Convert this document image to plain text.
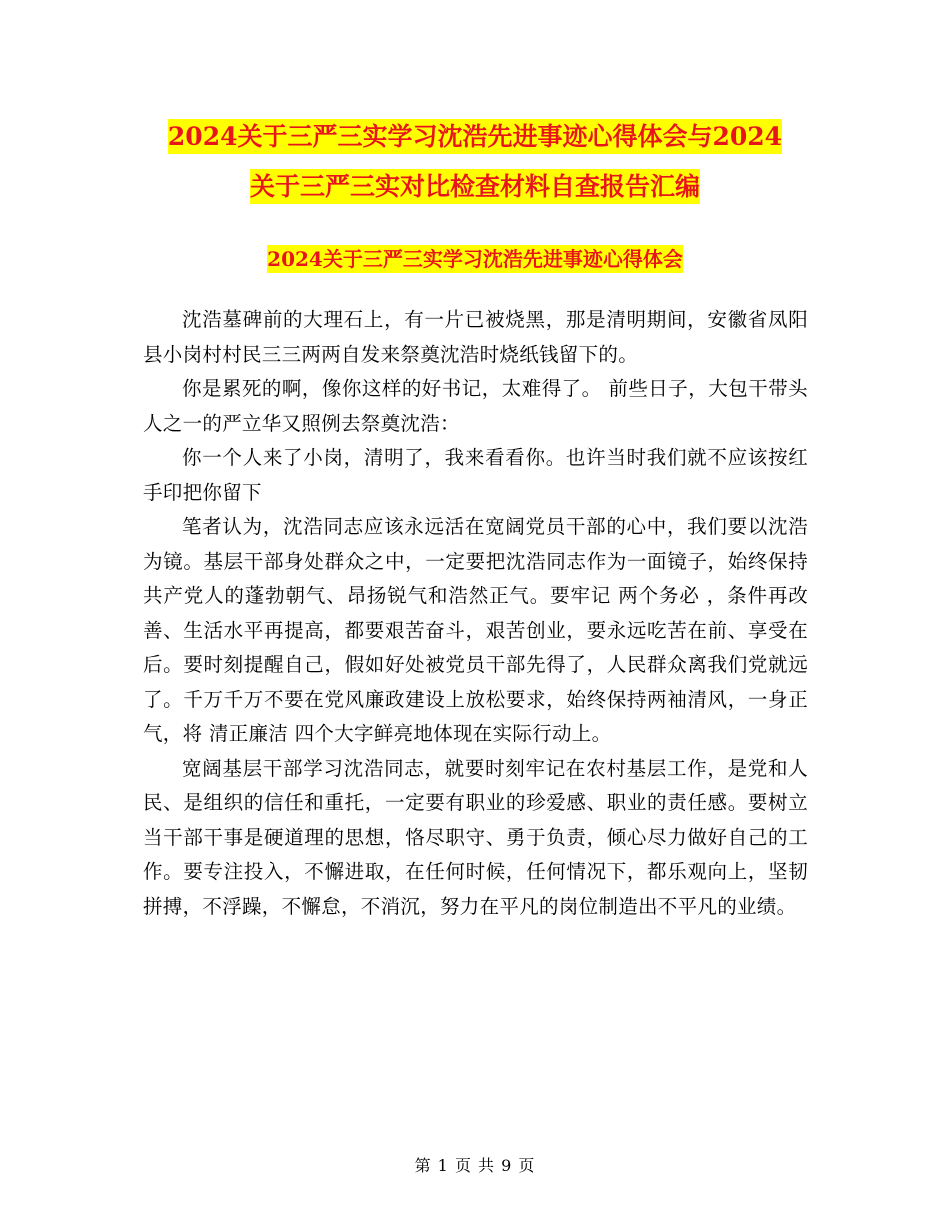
2024关于三严三实学习沈浩先进事迹心得体会与2024
关于三严三实对比检查材料自查报告汇编
2024关于三严三实学习沈浩先进事迹心得体会

沈浩墓碑前的大理石上，有一片已被烧黑，那是清明期间，安徽省凤阳县小岗村村民三三两两自发来祭奠沈浩时烧纸钱留下的。

你是累死的啊，像你这样的好书记，太难得了。 前些日子，大包干带头人之一的严立华又照例去祭奠沈浩：

你一个人来了小岗，清明了，我来看看你。也许当时我们就不应该按红手印把你留下

笔者认为，沈浩同志应该永远活在宽阔党员干部的心中，我们要以沈浩为镜。基层干部身处群众之中，一定要把沈浩同志作为一面镜子，始终保持共产党人的蓬勃朝气、昂扬锐气和浩然正气。要牢记 两个务必 ，条件再改善、生活水平再提高，都要艰苦奋斗，艰苦创业，要永远吃苦在前、享受在后。要时刻提醒自己，假如好处被党员干部先得了，人民群众离我们党就远了。千万千万不要在党风廉政建设上放松要求，始终保持两袖清风，一身正气，将 清正廉洁 四个大字鲜亮地体现在实际行动上。

宽阔基层干部学习沈浩同志，就要时刻牢记在农村基层工作，是党和人民、是组织的信任和重托，一定要有职业的珍爱感、职业的责任感。要树立当干部干事是硬道理的思想，恪尽职守、勇于负责，倾心尽力做好自己的工作。要专注投入，不懈进取，在任何时候，任何情况下，都乐观向上，坚韧拼搏，不浮躁，不懈怠，不消沉，努力在平凡的岗位制造出不平凡的业绩。

第 1 页 共 9 页
